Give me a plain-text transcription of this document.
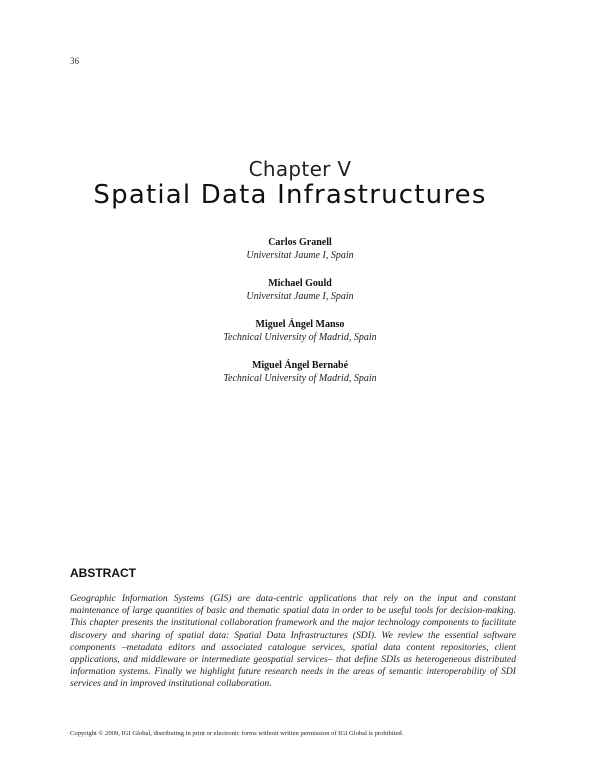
36
Chapter V
Spatial Data Infrastructures
Carlos Granell
Universitat Jaume I, Spain
Michael Gould
Universitat Jaume I, Spain
Miguel Ángel Manso
Technical University of Madrid, Spain
Miguel Ángel Bernabé
Technical University of Madrid, Spain
ABSTRACT
Geographic Information Systems (GIS) are data-centric applications that rely on the input and constant maintenance of large quantities of basic and thematic spatial data in order to be useful tools for decision-making. This chapter presents the institutional collaboration framework and the major technology components to facilitate discovery and sharing of spatial data: Spatial Data Infrastructures (SDI). We review the essential software components –metadata editors and associated catalogue services, spatial data content repositories, client applications, and middleware or intermediate geospatial services– that define SDIs as heterogeneous distributed information systems. Finally we highlight future research needs in the areas of semantic interoperability of SDI services and in improved institutional collaboration.
Copyright © 2009, IGI Global, distributing in print or electronic forms without written permission of IGI Global is prohibited.
